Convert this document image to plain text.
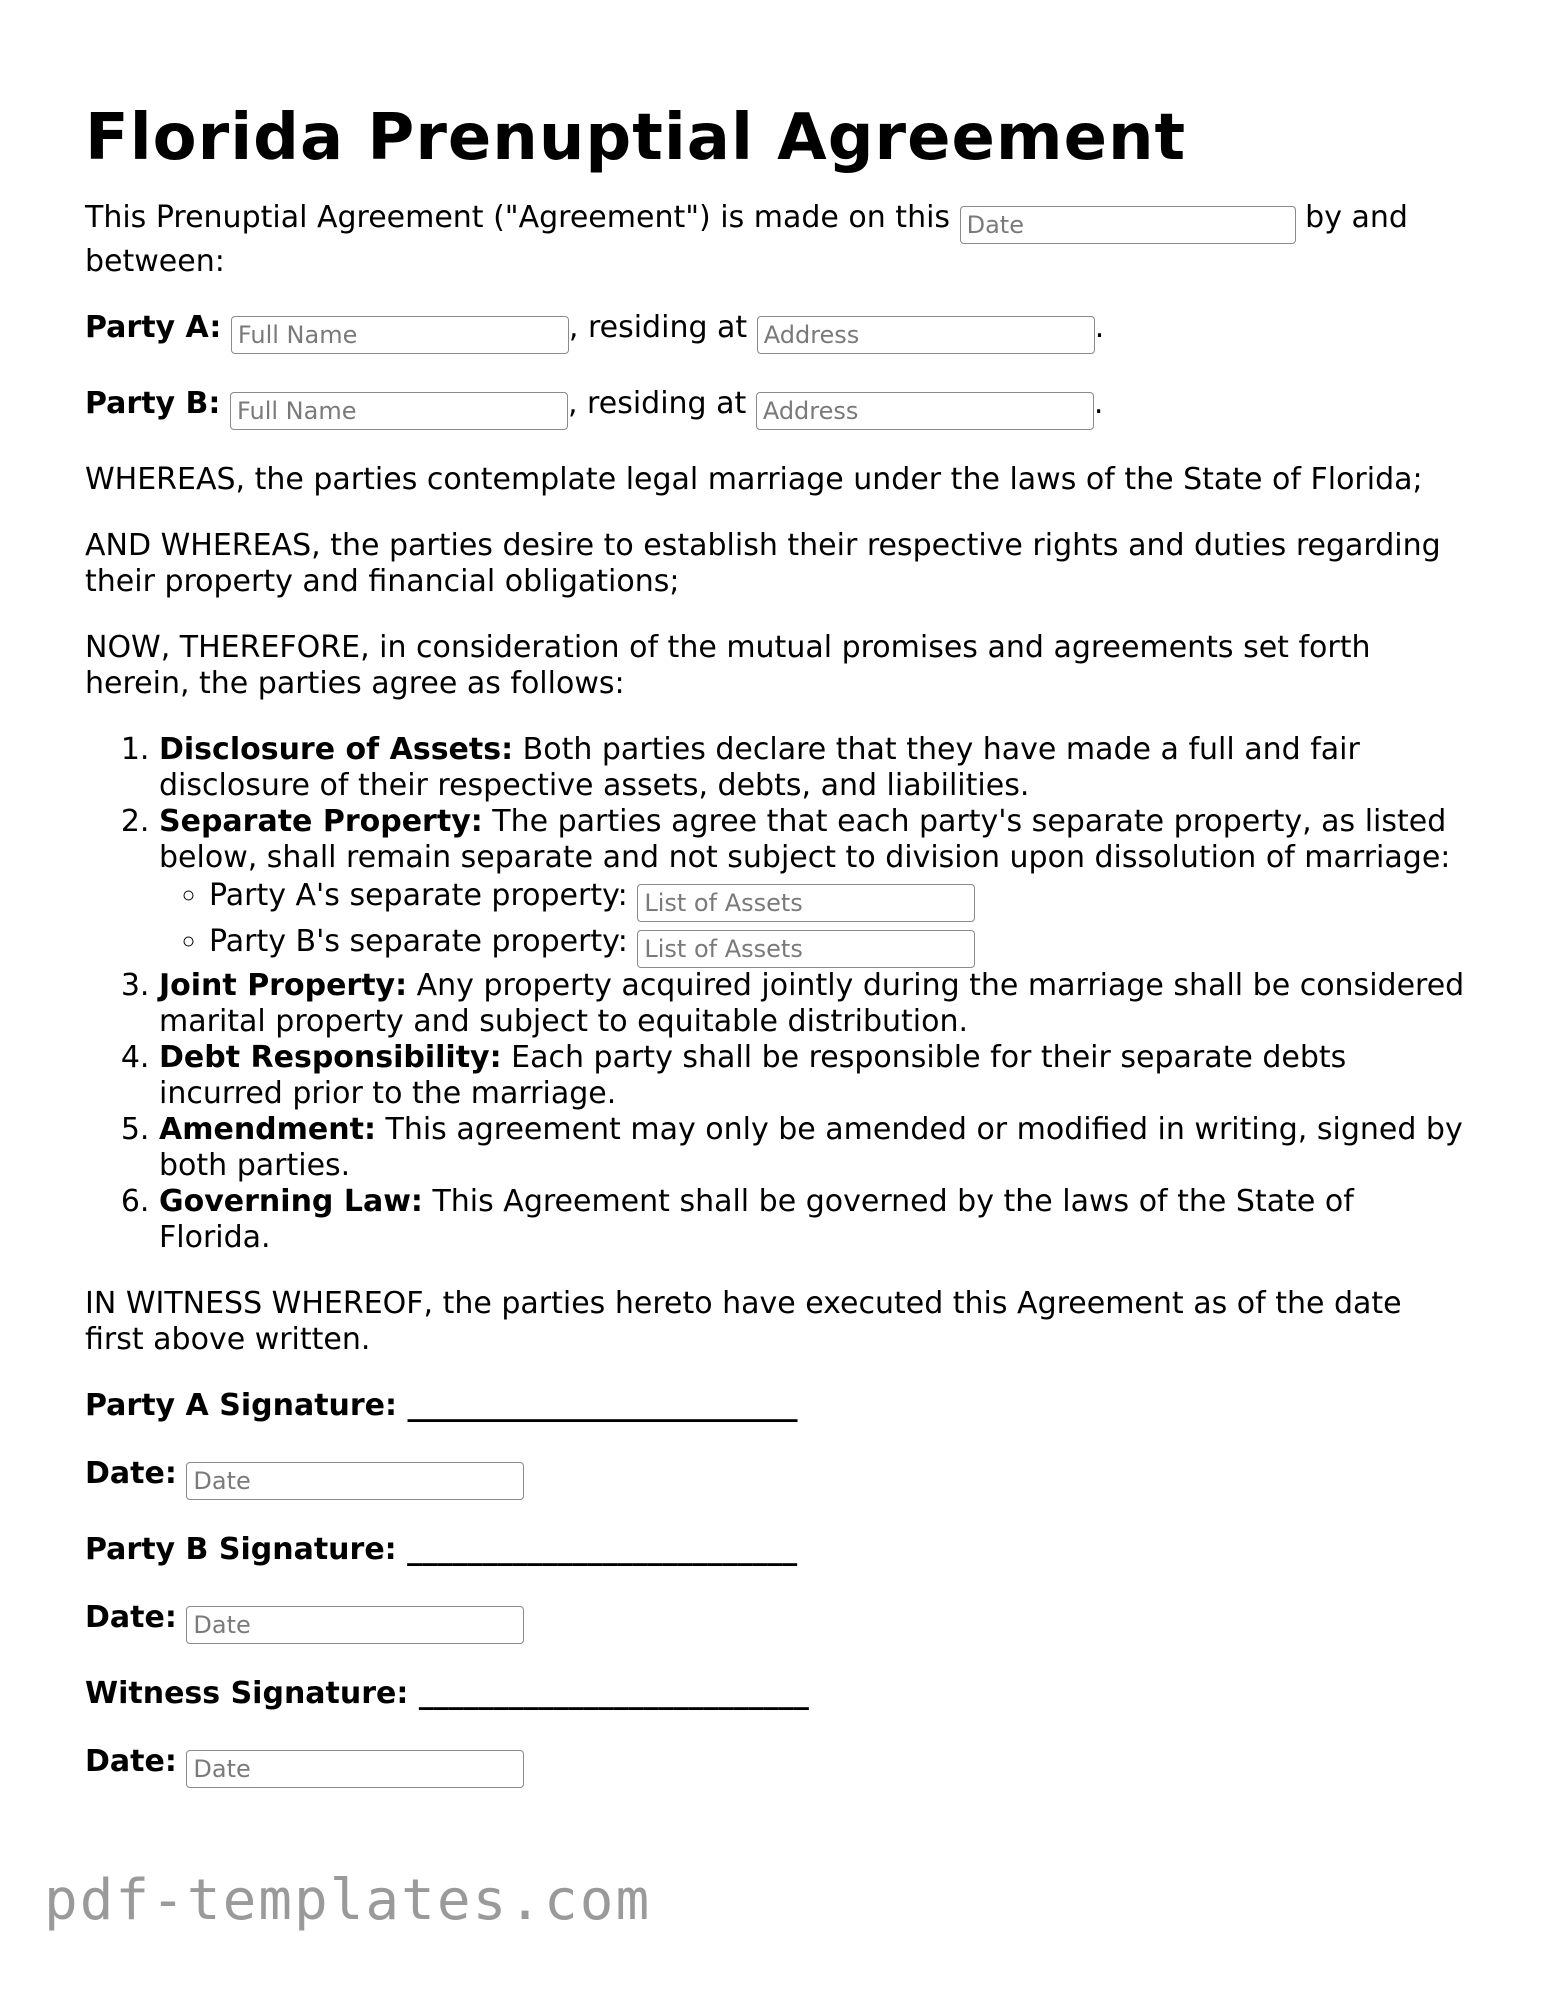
Florida Prenuptial Agreement

This Prenuptial Agreement ("Agreement") is made on this Date	by and between:

Party A: Full Name	, residing at Address	.
Party B: Full Name	, residing at Address	.

WHEREAS, the parties contemplate legal marriage under the laws of the State of Florida;

AND WHEREAS, the parties desire to establish their respective rights and duties regarding their property and financial obligations;

NOW, THEREFORE, in consideration of the mutual promises and agreements set forth herein, the parties agree as follows:

1. Disclosure of Assets: Both parties declare that they have made a full and fair disclosure of their respective assets, debts, and liabilities.
2. Separate Property: The parties agree that each party's separate property, as listed below, shall remain separate and not subject to division upon dissolution of marriage:
◦ Party A's separate property: List of Assets
◦ Party B's separate property: List of Assets
3. Joint Property: Any property acquired jointly during the marriage shall be considered marital property and subject to equitable distribution.
4. Debt Responsibility: Each party shall be responsible for their separate debts incurred prior to the marriage.
5. Amendment: This agreement may only be amended or modified in writing, signed by both parties.
6. Governing Law: This Agreement shall be governed by the laws of the State of Florida.

IN WITNESS WHEREOF, the parties hereto have executed this Agreement as of the date first above written.

Party A Signature: __________________________
Date: Date
Party B Signature: __________________________
Date: Date
Witness Signature: __________________________
Date: Date
pdf-templates.com
